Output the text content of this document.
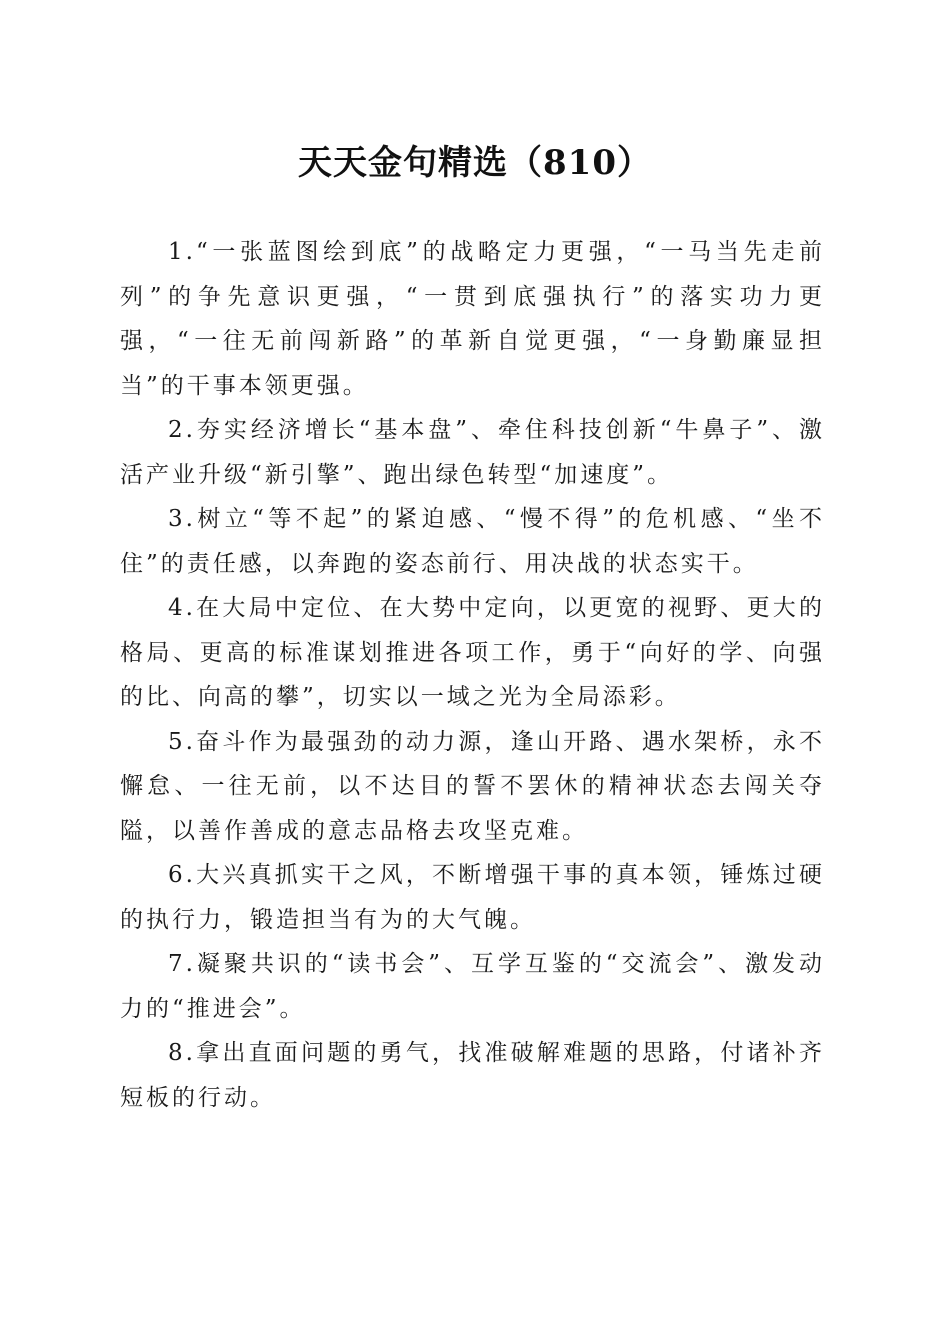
天天金句精选（810）

1.“一张蓝图绘到底”的战略定力更强，“一马当先走前列”的争先意识更强，“一贯到底强执行”的落实功力更强，“一往无前闯新路”的革新自觉更强，“一身勤廉显担当”的干事本领更强。

2.夯实经济增长“基本盘”、牵住科技创新“牛鼻子”、激活产业升级“新引擎”、跑出绿色转型“加速度”。

3.树立“等不起”的紧迫感、“慢不得”的危机感、“坐不住”的责任感，以奔跑的姿态前行、用决战的状态实干。

4.在大局中定位、在大势中定向，以更宽的视野、更大的格局、更高的标准谋划推进各项工作，勇于“向好的学、向强的比、向高的攀”，切实以一域之光为全局添彩。

5.奋斗作为最强劲的动力源，逢山开路、遇水架桥，永不懈怠、一往无前，以不达目的誓不罢休的精神状态去闯关夺隘，以善作善成的意志品格去攻坚克难。

6.大兴真抓实干之风，不断增强干事的真本领，锤炼过硬的执行力，锻造担当有为的大气魄。

7.凝聚共识的“读书会”、互学互鉴的“交流会”、激发动力的“推进会”。

8.拿出直面问题的勇气，找准破解难题的思路，付诸补齐短板的行动。
